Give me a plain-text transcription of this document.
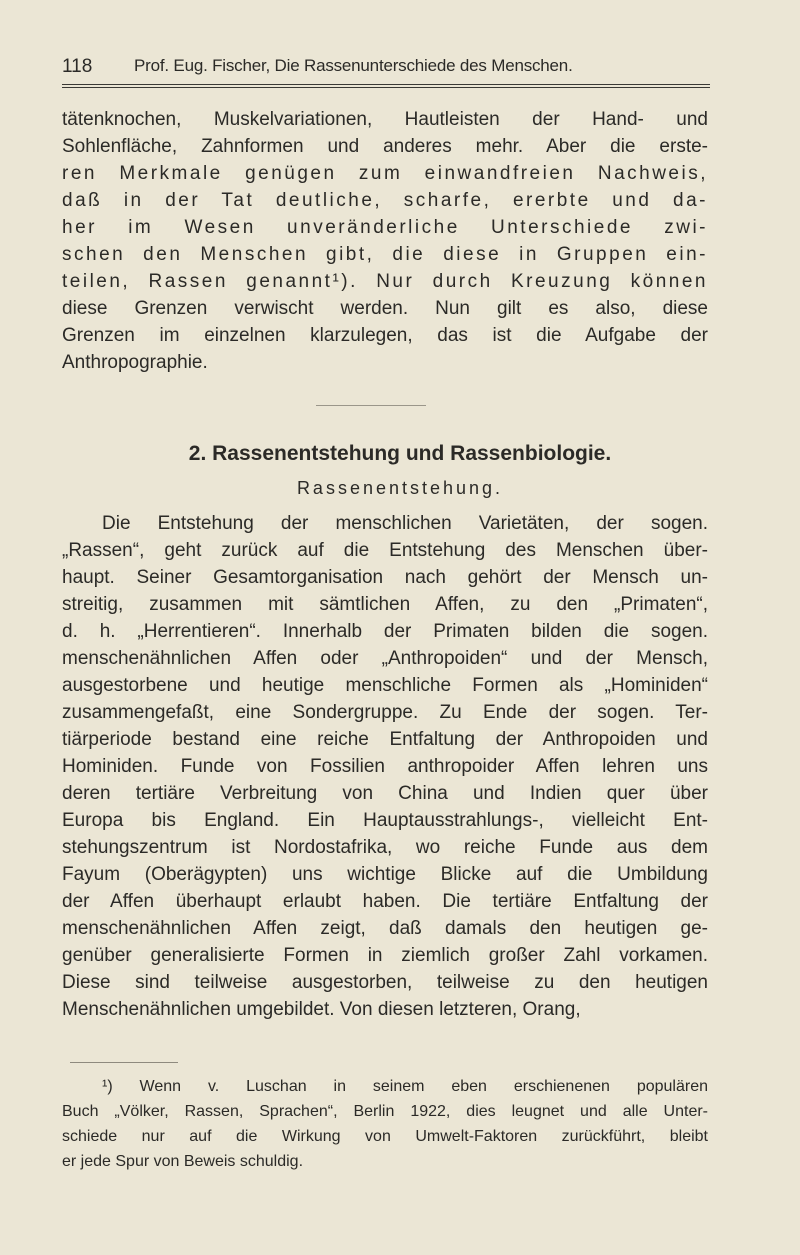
118 Prof. Eug. Fischer, Die Rassenunterschiede des Menschen.
tätenknochen, Muskelvariationen, Hautleisten der Hand- und
Sohlenfläche, Zahnformen und anderes mehr. Aber die erste-
ren Merkmale genügen zum einwandfreien Nachweis,
daß in der Tat deutliche, scharfe, ererbte und da-
her im Wesen unveränderliche Unterschiede zwi-
schen den Menschen gibt, die diese in Gruppen ein-
teilen, Rassen genannt¹). Nur durch Kreuzung können
diese Grenzen verwischt werden. Nun gilt es also, diese
Grenzen im einzelnen klarzulegen, das ist die Aufgabe der
Anthropographie.
2. Rassenentstehung und Rassenbiologie.
Rassenentstehung.
Die Entstehung der menschlichen Varietäten, der sogen.
„Rassen“, geht zurück auf die Entstehung des Menschen über-
haupt. Seiner Gesamtorganisation nach gehört der Mensch un-
streitig, zusammen mit sämtlichen Affen, zu den „Primaten“,
d. h. „Herrentieren“. Innerhalb der Primaten bilden die sogen.
menschenähnlichen Affen oder „Anthropoiden“ und der Mensch,
ausgestorbene und heutige menschliche Formen als „Hominiden“
zusammengefaßt, eine Sondergruppe. Zu Ende der sogen. Ter-
tiärperiode bestand eine reiche Entfaltung der Anthropoiden und
Hominiden. Funde von Fossilien anthropoider Affen lehren uns
deren tertiäre Verbreitung von China und Indien quer über
Europa bis England. Ein Hauptausstrahlungs-, vielleicht Ent-
stehungszentrum ist Nordostafrika, wo reiche Funde aus dem
Fayum (Oberägypten) uns wichtige Blicke auf die Umbildung
der Affen überhaupt erlaubt haben. Die tertiäre Entfaltung der
menschenähnlichen Affen zeigt, daß damals den heutigen ge-
genüber generalisierte Formen in ziemlich großer Zahl vorkamen.
Diese sind teilweise ausgestorben, teilweise zu den heutigen
Menschenähnlichen umgebildet. Von diesen letzteren, Orang,
¹) Wenn v. Luschan in seinem eben erschienenen populären
Buch „Völker, Rassen, Sprachen“, Berlin 1922, dies leugnet und alle Unter-
schiede nur auf die Wirkung von Umwelt-Faktoren zurückführt, bleibt
er jede Spur von Beweis schuldig.
